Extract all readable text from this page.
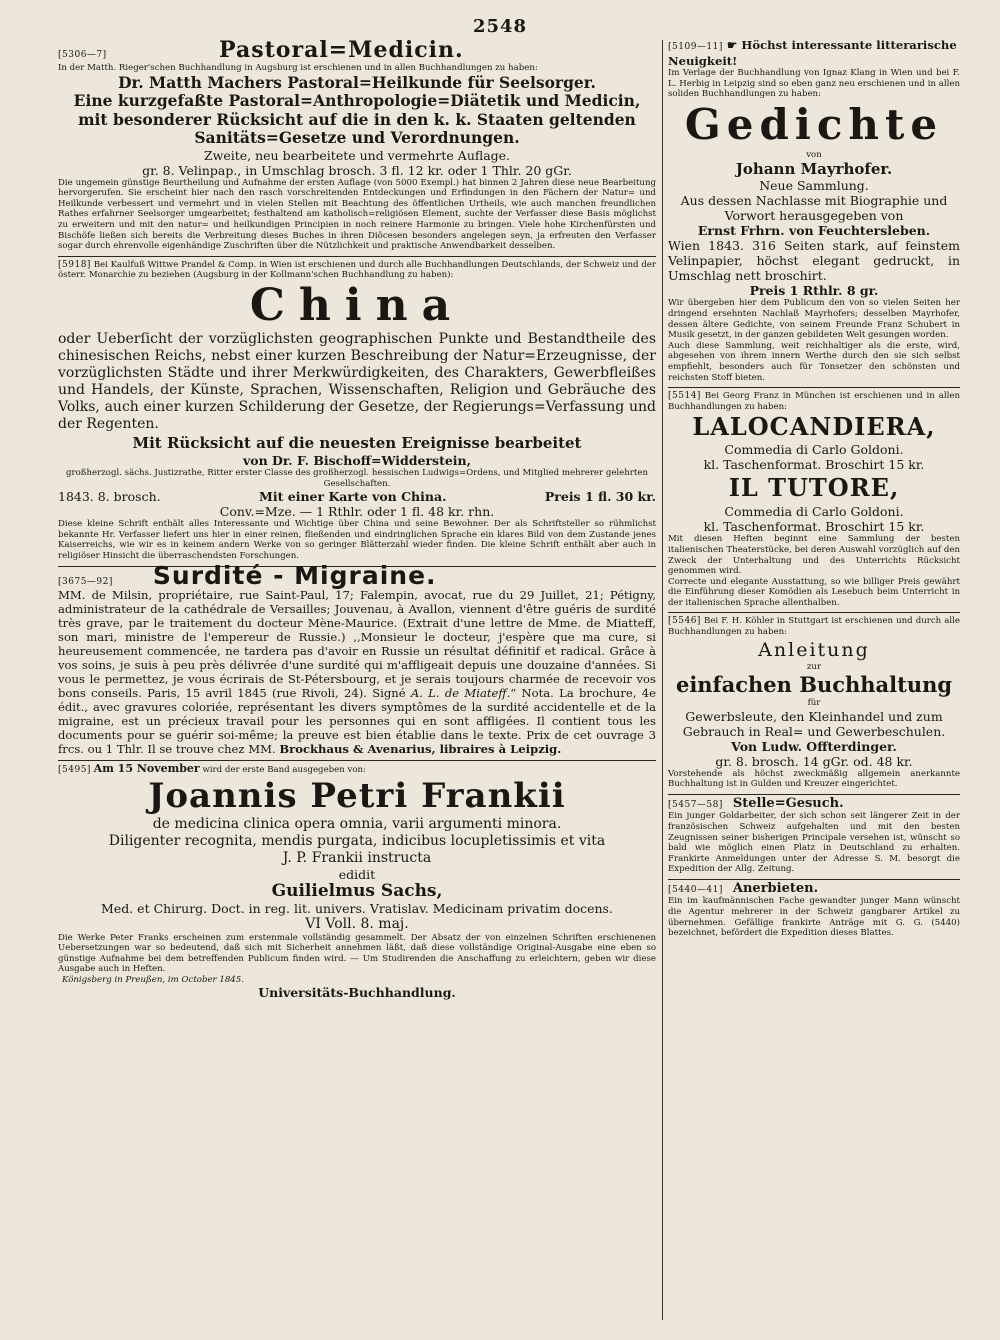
2548
[5306—7]	Pastoral=Medicin.

In der Matth. Rieger'schen Buchhandlung in Augsburg ist erschienen und in allen Buchhandlungen zu haben:

Dr. Matth Machers Pastoral=Heilkunde für Seelsorger.

Eine kurzgefaßte Pastoral=Anthropologie=Diätetik und Medicin, mit besonderer Rücksicht auf die in den k. k. Staaten geltenden Sanitäts=Gesetze und Verordnungen.

Zweite, neu bearbeitete und vermehrte Auflage.

gr. 8. Velinpap., in Umschlag brosch. 3 fl. 12 kr. oder 1 Thlr. 20 gGr.

Die ungemein günstige Beurtheilung und Aufnahme der ersten Auflage (von 5000 Exempl.) hat binnen 2 Jahren diese neue Bearbeitung hervorgerufen. Sie erscheint hier nach den rasch vorschreitenden Entdeckungen und Erfindungen in den Fächern der Natur= und Heilkunde verbessert und vermehrt und in vielen Stellen mit Beachtung des öffentlichen Urtheils, wie auch manchen freundlichen Rathes erfahrner Seelsorger umgearbeitet; festhaltend am katholisch=religiösen Element, suchte der Verfasser diese Basis möglichst zu erweitern und mit den natur= und heilkundigen Principien in noch reinere Harmonie zu bringen. Viele hohe Kirchenfürsten und Bischöfe ließen sich bereits die Verbreitung dieses Buches in ihren Diöcesen besonders angelegen seyn, ja erfreuten den Verfasser sogar durch ehrenvolle eigenhändige Zuschriften über die Nützlichkeit und praktische Anwendbarkeit desselben.

[5918] Bei Kaulfuß Wittwe Prandel & Comp. in Wien ist erschienen und durch alle Buchhandlungen Deutschlands, der Schweiz und der österr. Monarchie zu beziehen (Augsburg in der Kollmann'schen Buchhandlung zu haben):

China

oder Ueberſicht der vorzüglichsten geographischen Punkte und Bestandtheile des chinesischen Reichs, nebst einer kurzen Beschreibung der Natur=Erzeugnisse, der vorzüglichsten Städte und ihrer Merkwürdigkeiten, des Charakters, Gewerbfleißes und Handels, der Künste, Sprachen, Wissenschaften, Religion und Gebräuche des Volks, auch einer kurzen Schilderung der Gesetze, der Regierungs=Verfassung und der Regenten.

Mit Rücksicht auf die neuesten Ereignisse bearbeitet

von Dr. F. Bischoff=Widderstein,

großherzogl. sächs. Justizrathe, Ritter erster Classe des großherzogl. hessischen Ludwigs=Ordens, und Mitglied mehrerer gelehrten Gesellschaften.

1843. 8. brosch.	Mit einer Karte von China.	Preis 1 fl. 30 kr.

Conv.=Mze. — 1 Rthlr. oder 1 fl. 48 kr. rhn.

Diese kleine Schrift enthält alles Interessante und Wichtige über China und seine Bewohner. Der als Schriftsteller so rühmlichst bekannte Hr. Verfasser liefert uns hier in einer reinen, fließenden und eindringlichen Sprache ein klares Bild von dem Zustande jenes Kaiserreichs, wie wir es in keinem andern Werke von so geringer Blätterzahl wieder finden. Die kleine Schrift enthält aber auch in religiöser Hinsicht die überraschendsten Forschungen.

[3675—92]	Surdité - Migraine.

MM. de Milsin, propriétaire, rue Saint-Paul, 17; Falempin, avocat, rue du 29 Juillet, 21; Pétigny, administrateur de la cathédrale de Versailles; Jouvenau, à Avallon, viennent d'être guéris de surdité très grave, par le traitement du docteur Mène-Maurice. (Extrait d'une lettre de Mme. de Miatteff, son mari, ministre de l'empereur de Russie.) ,,Monsieur le docteur, j'espère que ma cure, si heureusement commencée, ne tardera pas d'avoir en Russie un résultat définitif et radical. Grâce à vos soins, je suis à peu près délivrée d'une surdité qui m'affligeait depuis une douzaine d'années. Si vous le permettez, je vous écrirais de St-Pétersbourg, et je serais toujours charmée de recevoir vos bons conseils. Paris, 15 avril 1845 (rue Rivoli, 24). Signé A. L. de Miateff.“ Nota. La brochure, 4e édit., avec gravures coloriée, représentant les divers symptômes de la surdité accidentelle et de la migraine, est un précieux travail pour les personnes qui en sont affligées. Il contient tous les documents pour se guérir soi-même; la preuve est bien établie dans le texte. Prix de cet ouvrage 3 frcs. ou 1 Thlr. Il se trouve chez MM. Brockhaus & Avenarius, libraires à Leipzig.

[5495] Am 15 November wird der erste Band ausgegeben von:

Joannis Petri Frankii

de medicina clinica opera omnia, varii argumenti minora.

Diligenter recognita, mendis purgata, indicibus locupletissimis et vita

J. P. Frankii instructa

edidit

Guilielmus Sachs,

Med. et Chirurg. Doct. in reg. lit. univers. Vratislav. Medicinam privatim docens.

VI Voll. 8. maj.

Die Werke Peter Franks erscheinen zum erstenmale vollständig gesammelt. Der Absatz der von einzelnen Schriften erschienenen Uebersetzungen war so bedeutend, daß sich mit Sicherheit annehmen läßt, daß diese vollständige Original-Ausgabe eine eben so günstige Aufnahme bei dem betreffenden Publicum finden wird. — Um Studirenden die Anschaffung zu erleichtern, geben wir diese Ausgabe auch in Heften.

Königsberg in Preußen, im October 1845.

Universitäts-Buchhandlung.

[5109—11] ☛ Höchst interessante litterarische Neuigkeit!

Im Verlage der Buchhandlung von Ignaz Klang in Wien und bei F. L. Herbig in Leipzig sind so eben ganz neu erschienen und in allen soliden Buchhandlungen zu haben:

Gedichte

von

Johann Mayrhofer.

Neue Sammlung.

Aus dessen Nachlasse mit Biographie und Vorwort herausgegeben von

Ernst Frhrn. von Feuchtersleben.

Wien 1843. 316 Seiten stark, auf feinstem Velinpapier, höchst elegant gedruckt, in Umschlag nett broschirt.

Preis 1 Rthlr. 8 gr.

Wir übergeben hier dem Publicum den von so vielen Seiten her dringend ersehnten Nachlaß Mayrhofers; desselben Mayrhofer, dessen ältere Gedichte, von seinem Freunde Franz Schubert in Musik gesetzt, in der ganzen gebildeten Welt gesungen worden.

Auch diese Sammlung, weit reichhaltiger als die erste, wird, abgesehen von ihrem innern Werthe durch den sie sich selbst empfiehlt, besonders auch für Tonsetzer den schönsten und reichsten Stoff bieten.

[5514] Bei Georg Franz in München ist erschienen und in allen Buchhandlungen zu haben:

LALOCANDIERA,

Commedia di Carlo Goldoni.

kl. Taschenformat. Broschirt 15 kr.

IL TUTORE,

Commedia di Carlo Goldoni.

kl. Taschenformat. Broschirt 15 kr.

Mit diesen Heften beginnt eine Sammlung der besten italienischen Theaterstücke, bei deren Auswahl vorzüglich auf den Zweck der Unterhaltung und des Unterrichts Rücksicht genommen wird.

Correcte und elegante Ausstattung, so wie billiger Preis gewährt die Einführung dieser Komödien als Lesebuch beim Unterricht in der italienischen Sprache allenthalben.

[5546] Bei F. H. Köhler in Stuttgart ist erschienen und durch alle Buchhandlungen zu haben:

Anleitung

zur

einfachen Buchhaltung

für

Gewerbsleute, den Kleinhandel und zum Gebrauch in Real= und Gewerbeschulen.

Von Ludw. Offterdinger.

gr. 8. brosch. 14 gGr. od. 48 kr.

Vorstehende als höchst zweckmäßig allgemein anerkannte Buchhaltung ist in Gulden und Kreuzer eingerichtet.

[5457—58] Stelle=Gesuch.

Ein junger Goldarbeiter, der sich schon seit längerer Zeit in der französischen Schweiz aufgehalten und mit den besten Zeugnissen seiner bisherigen Principale versehen ist, wünscht so bald wie möglich einen Platz in Deutschland zu erhalten. Frankirte Anmeldungen unter der Adresse S. M. besorgt die Expedition der Allg. Zeitung.

[5440—41] Anerbieten.

Ein im kaufmännischen Fache gewandter junger Mann wünscht die Agentur mehrerer in der Schweiz gangbarer Artikel zu übernehmen. Gefällige frankirte Anträge mit G. G. (5440) bezeichnet, befördert die Expedition dieses Blattes.
